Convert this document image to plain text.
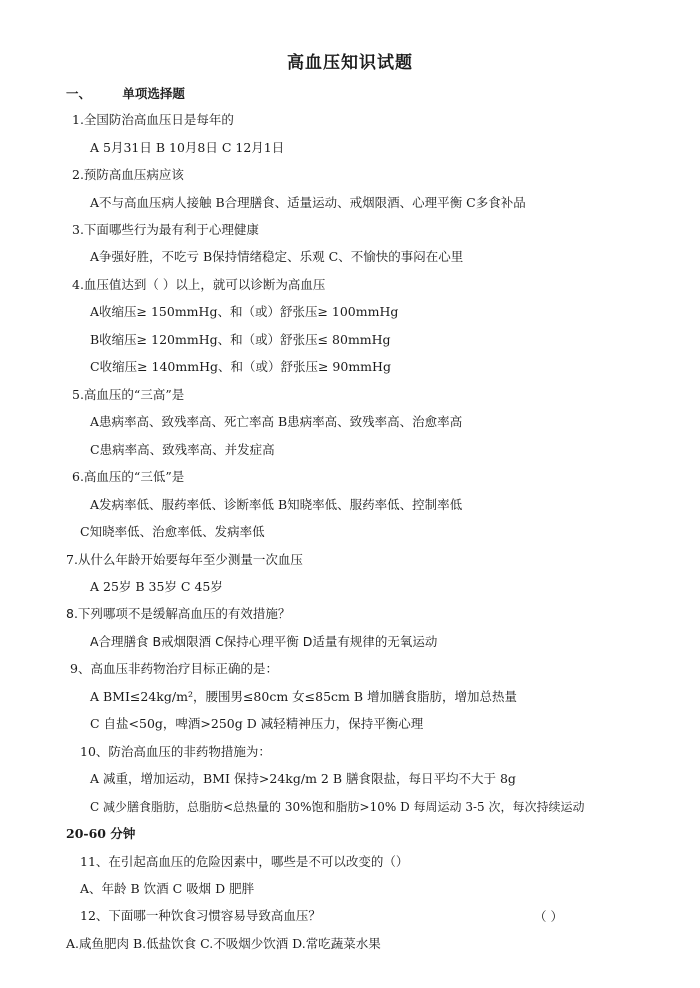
高血压知识试题
一、	单项选择题
1.全国防治高血压日是每年的
A 5月31日 B 10月8日 C 12月1日
2.预防高血压病应该
A不与高血压病人接触 B合理膳食、适量运动、戒烟限酒、心理平衡 C多食补品
3.下面哪些行为最有利于心理健康
A争强好胜，不吃亏 B保持情绪稳定、乐观 C、不愉快的事闷在心里
4.血压值达到（ ）以上，就可以诊断为高血压
A收缩压≥ 150mmHg、和（或）舒张压≥ 100mmHg
B收缩压≥ 120mmHg、和（或）舒张压≤ 80mmHg
C收缩压≥ 140mmHg、和（或）舒张压≥ 90mmHg
5.高血压的“三高”是
A患病率高、致残率高、死亡率高 B患病率高、致残率高、治愈率高
C患病率高、致残率高、并发症高
6.高血压的“三低”是
A发病率低、服药率低、诊断率低 B知晓率低、服药率低、控制率低
C知晓率低、治愈率低、发病率低
7.从什么年龄开始要每年至少测量一次血压
A 25岁 B 35岁 C 45岁
8.下列哪项不是缓解高血压的有效措施？
A合理膳食 B戒烟限酒 C保持心理平衡 D适量有规律的无氧运动
9、高血压非药物治疗目标正确的是：
A BMI≤24kg/m²，腰围男≤80cm 女≤85cm B 增加膳食脂肪，增加总热量
C 自盐<50g，啤酒>250g D 减轻精神压力，保持平衡心理
10、防治高血压的非药物措施为：
A 减重，增加运动，BMI 保持>24kg/m 2 B 膳食限盐，每日平均不大于 8g
C 减少膳食脂肪，总脂肪<总热量的 30%饱和脂肪>10% D 每周运动 3-5 次，每次持续运动
20-60 分钟
11、在引起高血压的危险因素中，哪些是不可以改变的（）
A、年龄 B 饮酒 C 吸烟 D 肥胖
12、下面哪一种饮食习惯容易导致高血压？	（ ）
A.咸鱼肥肉 B.低盐饮食 C.不吸烟少饮酒 D.常吃蔬菜水果
